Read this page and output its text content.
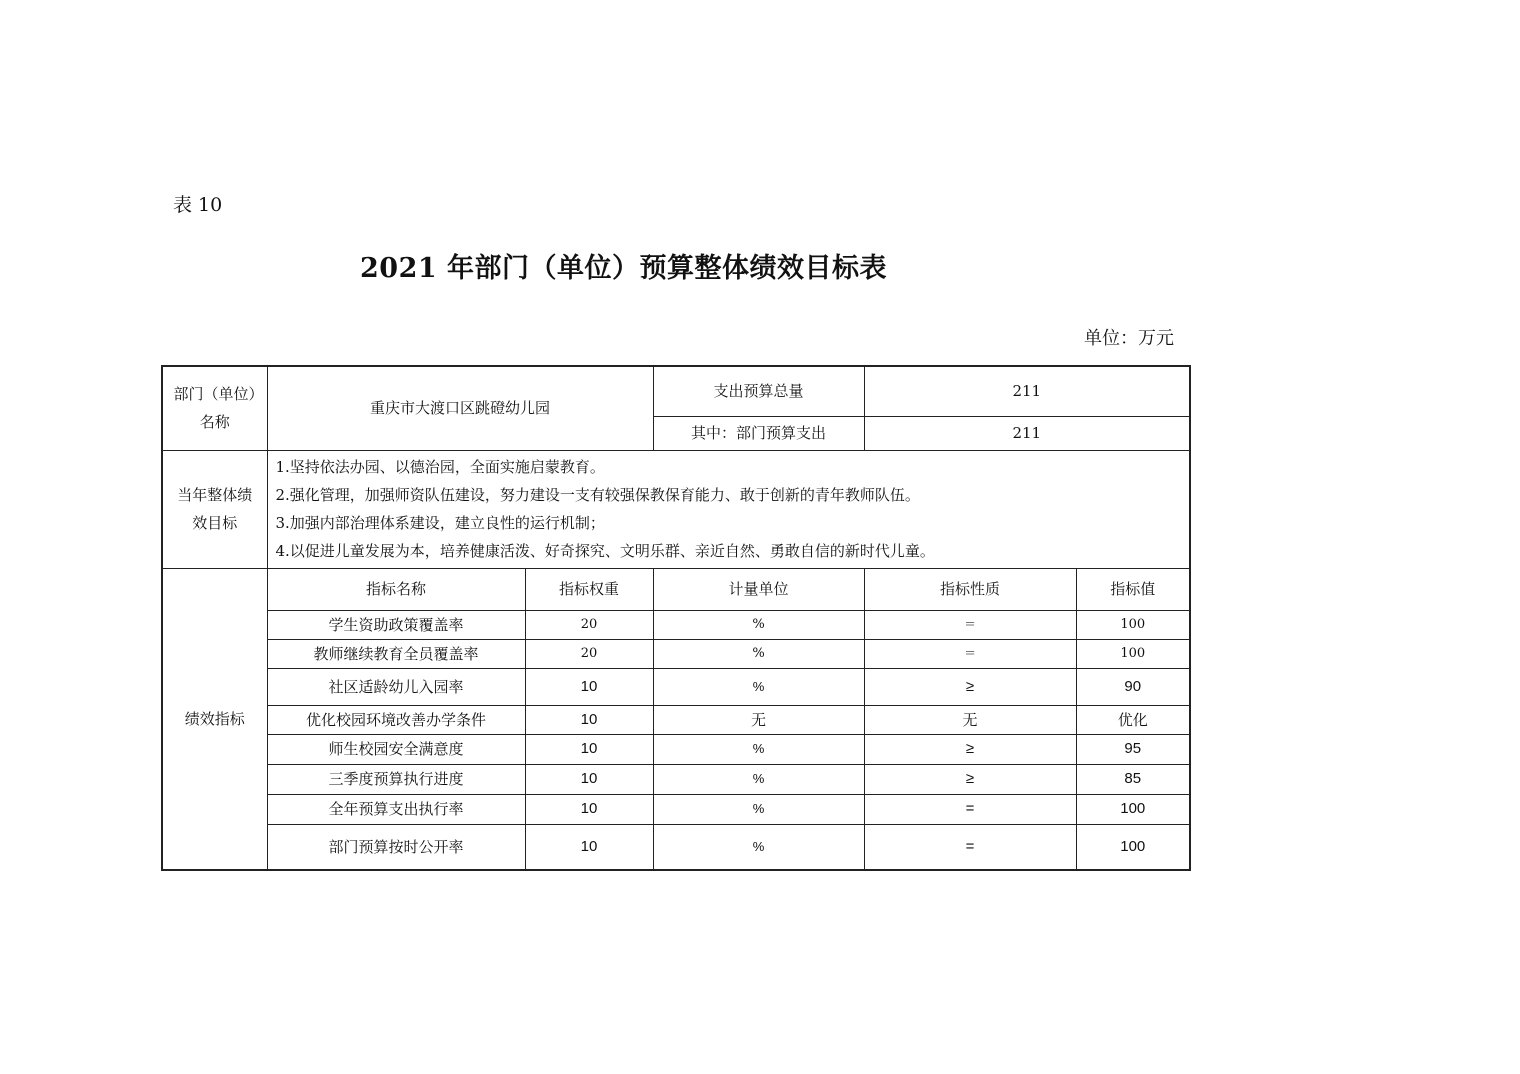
表 10
2021 年部门（单位）预算整体绩效目标表
单位：万元
部门（单位）名称	重庆市大渡口区跳磴幼儿园		支出预算总量	211	
			其中：部门预算支出	211	

当年整体绩效目标	1.坚持依法办园、以德治园，全面实施启蒙教育。
2.强化管理，加强师资队伍建设，努力建设一支有较强保教保育能力、敢于创新的青年教师队伍。
3.加强内部治理体系建设，建立良性的运行机制；
4.以促进儿童发展为本，培养健康活泼、好奇探究、文明乐群、亲近自然、勇敢自信的新时代儿童。				

绩效指标	指标名称	指标权重	计量单位	指标性质	指标值
	学生资助政策覆盖率	20	%	=	100
	教师继续教育全员覆盖率	20	%	=	100
	社区适龄幼儿入园率	10	%	≥	90
	优化校园环境改善办学条件	10	无	无	优化
	师生校园安全满意度	10	%	≥	95
	三季度预算执行进度	10	%	≥	85
	全年预算支出执行率	10	%	=	100
	部门预算按时公开率	10	%	=	100
